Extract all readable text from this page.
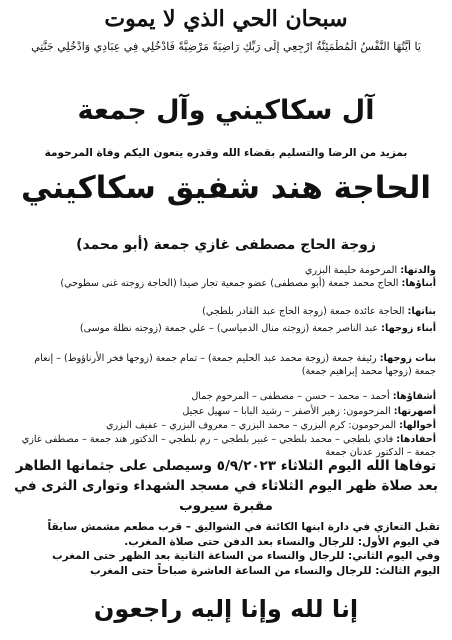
سبحان الحي الذي لا يموت
يَا أَيَّتُهَا النَّفْسُ الْمُطْمَئِنَّةُ ارْجِعِي إِلَى رَبِّكِ رَاضِيَةً مَرْضِيَّةً فَادْخُلِي فِي عِبَادِي وَادْخُلِي جَنَّتِي
آل سكاكيني وآل جمعة
بمزيد من الرضا والتسليم بقضاء الله وقدره ينعون اليكم وفاة المرحومة
الحاجة هند شفيق سكاكيني
زوجة الحاج مصطفى غازي جمعة (أبو محمد)
والدتها: المرحومة حليمة البزري
أبناؤها: الحاج محمد جمعة (أبو مصطفى) عضو جمعية تجار صيدا (الحاجة زوجته غنى سطوحي)
بناتها: الحاجة عائدة جمعة (زوجة الحاج عبد القادر بلطجي)
أبناء زوجها: عبد الناصر جمعة (زوجته منال الدمياسي) – علي جمعة (زوجته نظلة موسى)
بنات زوجها: رئيفة جمعة (زوجة محمد عبد الحليم جمعة) – تمام جمعة (زوجها فخر الأرناؤوط) – إنعام جمعة (زوجها محمد إبراهيم جمعة)
أشقاؤها: أحمد – محمد – حسن – مصطفى – المرحوم جمال
أصهرتها: المرحومون: زهير الأصفر – رشيد البابا – سهيل عجيل
أخوالها: المرحومون: كرم البزري – محمد البزري – معروف البزري – عفيف البزري
أحفادها: فادي بلطجي – محمد بلطجي – غبير بلطجي – رم بلطجي – الدكتور هند جمعة – مصطفى غازي جمعة – الدكتور عدنان جمعة
توفاها الله اليوم الثلاثاء ٥/٩/٢٠٢٣ وسيصلى على جثمانها الطاهر بعد صلاة ظهر اليوم الثلاثاء في مسجد الشهداء وتوارى الثرى في مقبرة سيروب
تقبل التعازي في دارة ابنها الكائنة في الشواليق – قرب مطعم مشمش سابقاً
في اليوم الأول: للرجال والنساء بعد الدفن حتى صلاة المغرب.
وفي اليوم الثاني: للرجال والنساء من الساعة الثانية بعد الظهر حتى المغرب
اليوم الثالث: للرجال والنساء من الساعة العاشرة صباحاً حتى المغرب
إنا لله وإنا إليه راجعون
